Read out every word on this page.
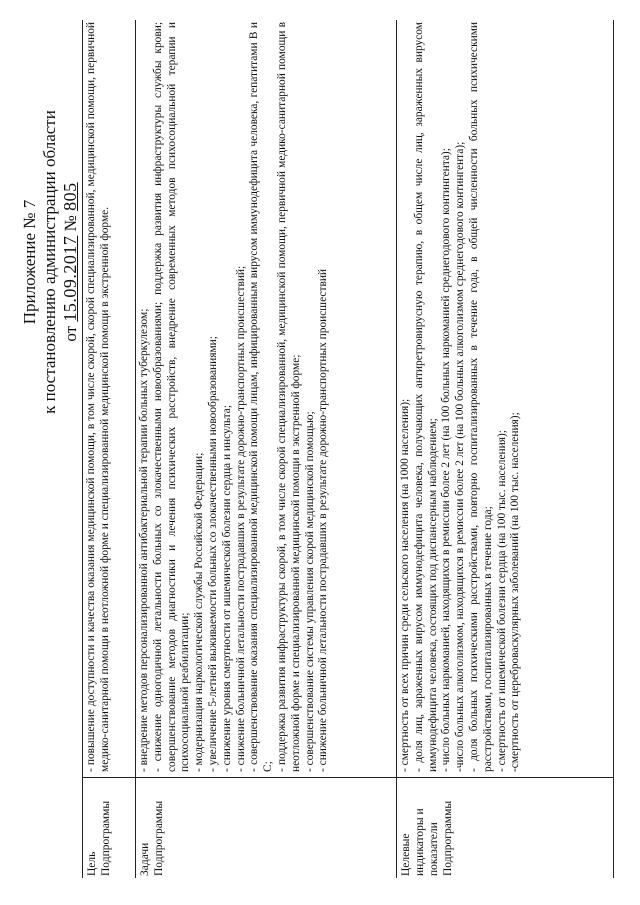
Приложение № 7 к постановлению администрации области от 15.09.2017 № 805
Цель Подпрограммы

- повышение доступности и качества оказания медицинской помощи, в том числе скорой, скорой специализированной, медицинской помощи, первичной медико-санитарной помощи в неотложной форме и специализированной медицинской помощи в экстренной форме.

Задачи Подпрограммы

- внедрение методов персонализированной антибактериальной терапии больных туберкулезом; - снижение одногодичной летальности больных со злокачественными новообразованиями; поддержка развития инфраструктуры службы крови; совершенствование методов диагностики и лечения психических расстройств, внедрение современных методов психосоциальной терапии и психосоциальной реабилитации; - модернизация наркологической службы Российской Федерации; - увеличение 5-летней выживаемости больных со злокачественными новообразованиями; - снижение уровня смертности от ишемической болезни сердца и инсульта; - снижение больничной летальности пострадавших в результате дорожно-транспортных происшествий; - совершенствование оказания специализированной медицинской помощи лицам, инфицированным вирусом иммунодефицита человека, гепатитами B и C; - поддержка развития инфраструктуры скорой, в том числе скорой специализированной, медицинской помощи, первичной медико-санитарной помощи в неотложной форме и специализированной медицинской помощи в экстренной форме; - совершенствование системы управления скорой медицинской помощью; - снижение больничной летальности пострадавших в результате дорожно-транспортных происшествий

Целевые индикаторы и показатели Подпрограммы

- смертность от всех причин среди сельского населения (на 1000 населения); - доля лиц, зараженных вирусом иммунодефицита человека, получающих антиретровирусную терапию, в общем числе лиц, зараженных вирусом иммунодефицита человека, состоящих под диспансерным наблюдением; - число больных наркоманией, находящихся в ремиссии более 2 лет (на 100 больных наркоманией среднегодового контингента); -число больных алкоголизмом, находящихся в ремиссии более 2 лет (на 100 больных алкоголизмом среднегодового контингента); - доля больных психическими расстройствами, повторно госпитализированных в течение года, в общей численности больных психическими расстройствами, госпитализированных в течение года; - смертность от ишемической болезни сердца (на 100 тыс. населения); -смертность от цереброваскулярных заболеваний (на 100 тыс. населения);
